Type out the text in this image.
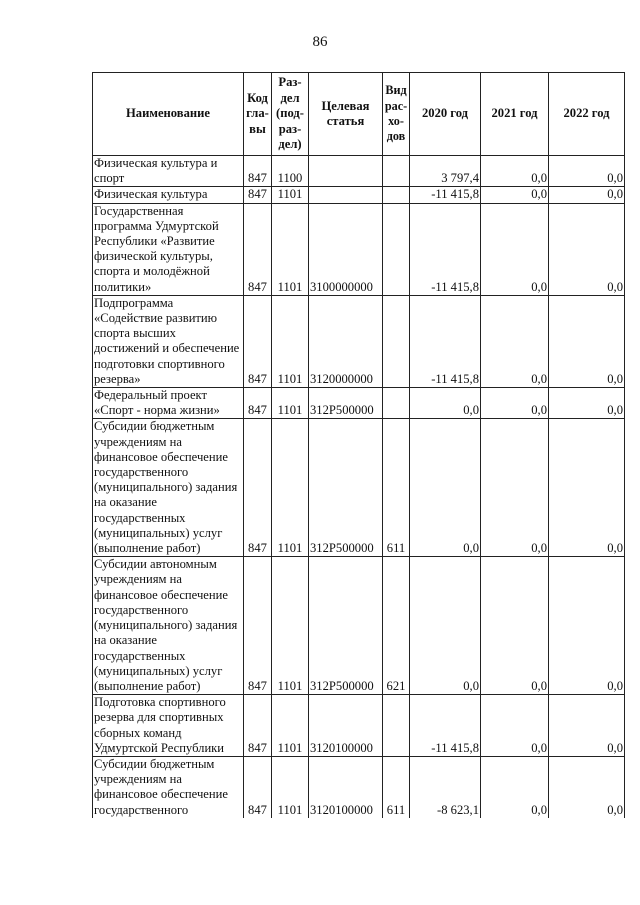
86
Наименование	Код гла- вы	Раз- дел (под- раз- дел)	Целевая статья	Вид рас- хо- дов	2020 год	2021 год	2022 год
Физическая культура и спорт	847	1100			3 797,4	0,0	0,0
Физическая культура	847	1101			-11 415,8	0,0	0,0
Государственная программа Удмуртской Республики «Развитие физической культуры, спорта и молодёжной политики»	847	1101	3100000000		-11 415,8	0,0	0,0
Подпрограмма «Содействие развитию спорта высших достижений и обеспечение подготовки спортивного резерва»	847	1101	3120000000		-11 415,8	0,0	0,0
Федеральный проект «Спорт - норма жизни»	847	1101	312P500000		0,0	0,0	0,0
Субсидии бюджетным учреждениям на финансовое обеспечение государственного (муниципального) задания на оказание государственных (муниципальных) услуг (выполнение работ)	847	1101	312P500000	611	0,0	0,0	0,0
Субсидии автономным учреждениям на финансовое обеспечение государственного (муниципального) задания на оказание государственных (муниципальных) услуг (выполнение работ)	847	1101	312P500000	621	0,0	0,0	0,0
Подготовка спортивного резерва для спортивных сборных команд Удмуртской Республики	847	1101	3120100000		-11 415,8	0,0	0,0
Субсидии бюджетным учреждениям на финансовое обеспечение государственного	847	1101	3120100000	611	-8 623,1	0,0	0,0
